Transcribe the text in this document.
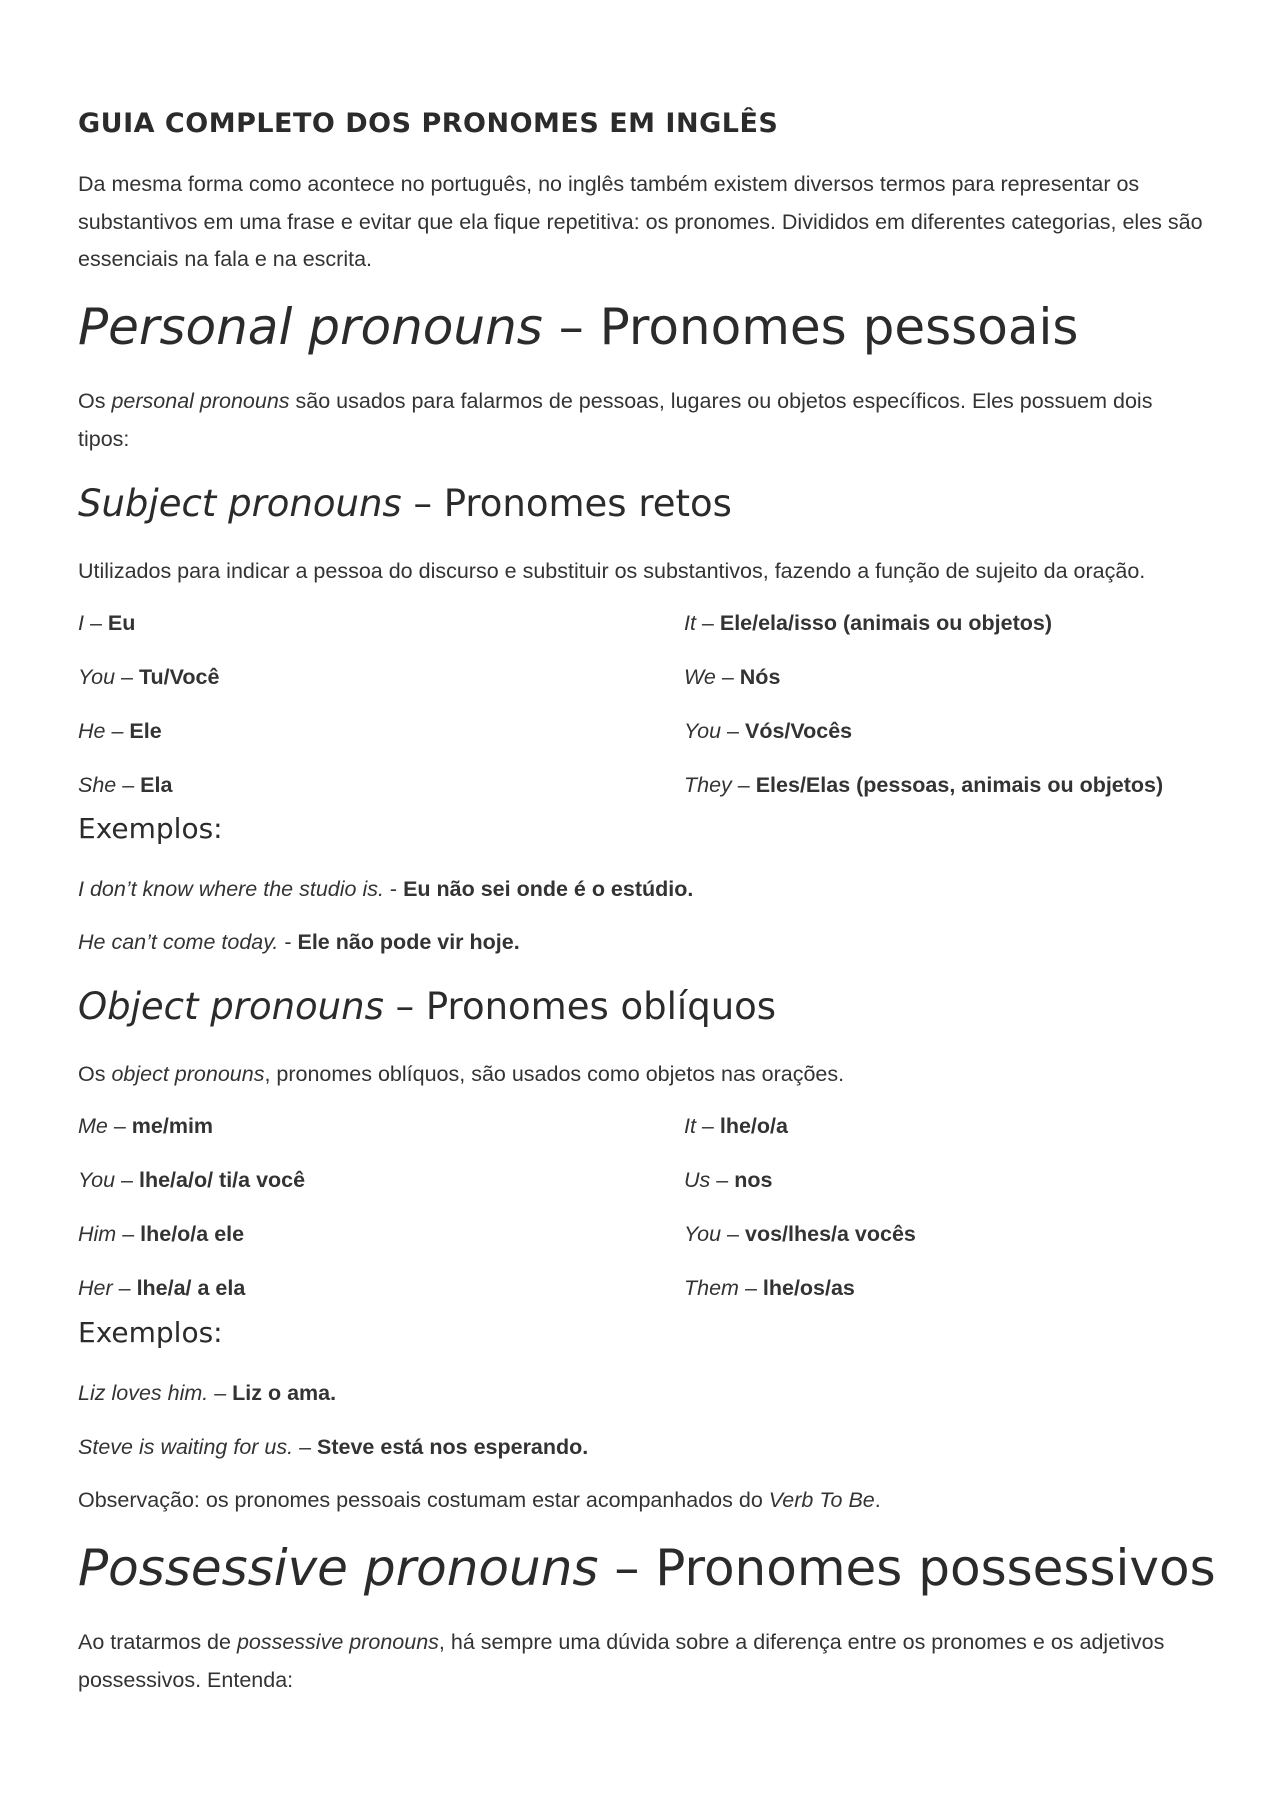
GUIA COMPLETO DOS PRONOMES EM INGLÊS

Da mesma forma como acontece no português, no inglês também existem diversos termos para representar os substantivos em uma frase e evitar que ela fique repetitiva: os pronomes. Divididos em diferentes categorias, eles são essenciais na fala e na escrita.

Personal pronouns – Pronomes pessoais

Os personal pronouns são usados para falarmos de pessoas, lugares ou objetos específicos. Eles possuem dois tipos:

Subject pronouns – Pronomes retos

Utilizados para indicar a pessoa do discurso e substituir os substantivos, fazendo a função de sujeito da oração.

I – Eu
You – Tu/Você
He – Ele
She – Ela
It – Ele/ela/isso (animais ou objetos)
We – Nós
You – Vós/Vocês
They – Eles/Elas (pessoas, animais ou objetos)
Exemplos:
I don’t know where the studio is. - Eu não sei onde é o estúdio.
He can’t come today. - Ele não pode vir hoje.
Object pronouns – Pronomes oblíquos

Os object pronouns, pronomes oblíquos, são usados como objetos nas orações.

Me – me/mim
You – lhe/a/o/ ti/a você
Him – lhe/o/a ele
Her – lhe/a/ a ela
It – lhe/o/a
Us – nos
You – vos/lhes/a vocês
Them – lhe/os/as
Exemplos:
Liz loves him. – Liz o ama.
Steve is waiting for us. – Steve está nos esperando.
Observação: os pronomes pessoais costumam estar acompanhados do Verb To Be.
Possessive pronouns – Pronomes possessivos

Ao tratarmos de possessive pronouns, há sempre uma dúvida sobre a diferença entre os pronomes e os adjetivos possessivos. Entenda:
